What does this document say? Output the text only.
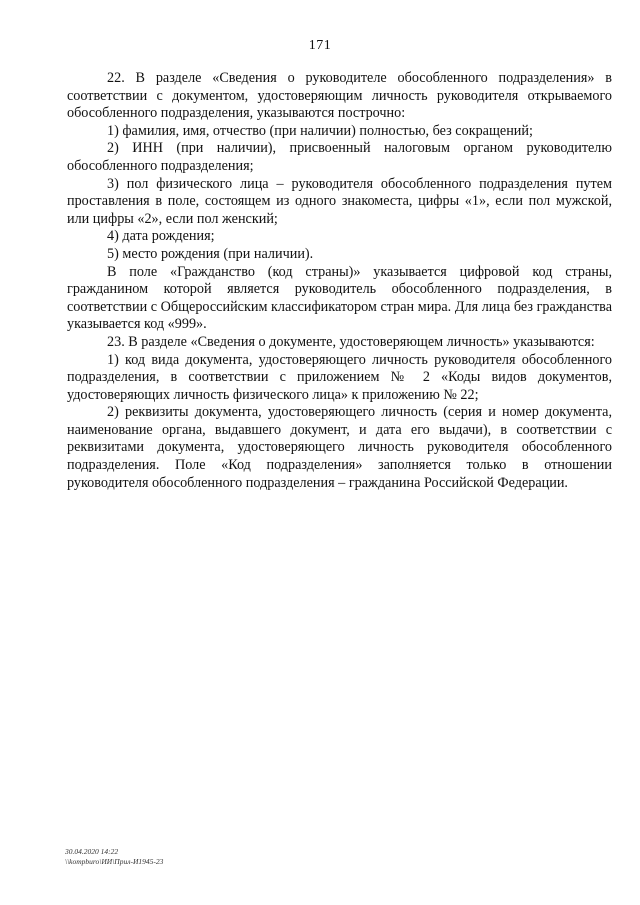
171

22. В разделе «Сведения о руководителе обособленного подразделения» в соответствии с документом, удостоверяющим личность руководителя открываемого обособленного подразделения, указываются построчно:

1) фамилия, имя, отчество (при наличии) полностью, без сокращений;

2) ИНН (при наличии), присвоенный налоговым органом руководителю обособленного подразделения;

3) пол физического лица – руководителя обособленного подразделения путем проставления в поле, состоящем из одного знакоместа, цифры «1», если пол мужской, или цифры «2», если пол женский;

4) дата рождения;

5) место рождения (при наличии).

В поле «Гражданство (код страны)» указывается цифровой код страны, гражданином которой является руководитель обособленного подразделения, в соответствии с Общероссийским классификатором стран мира. Для лица без гражданства указывается код «999».

23. В разделе «Сведения о документе, удостоверяющем личность» указываются:

1) код вида документа, удостоверяющего личность руководителя обособленного подразделения, в соответствии с приложением № 2 «Коды видов документов, удостоверяющих личность физического лица» к приложению № 22;

2) реквизиты документа, удостоверяющего личность (серия и номер документа, наименование органа, выдавшего документ, и дата его выдачи), в соответствии с реквизитами документа, удостоверяющего личность руководителя обособленного подразделения. Поле «Код подразделения» заполняется только в отношении руководителя обособленного подразделения – гражданина Российской Федерации.

30.04.2020 14:22
\\kompburo\ИИ\Прил-И1945-23
